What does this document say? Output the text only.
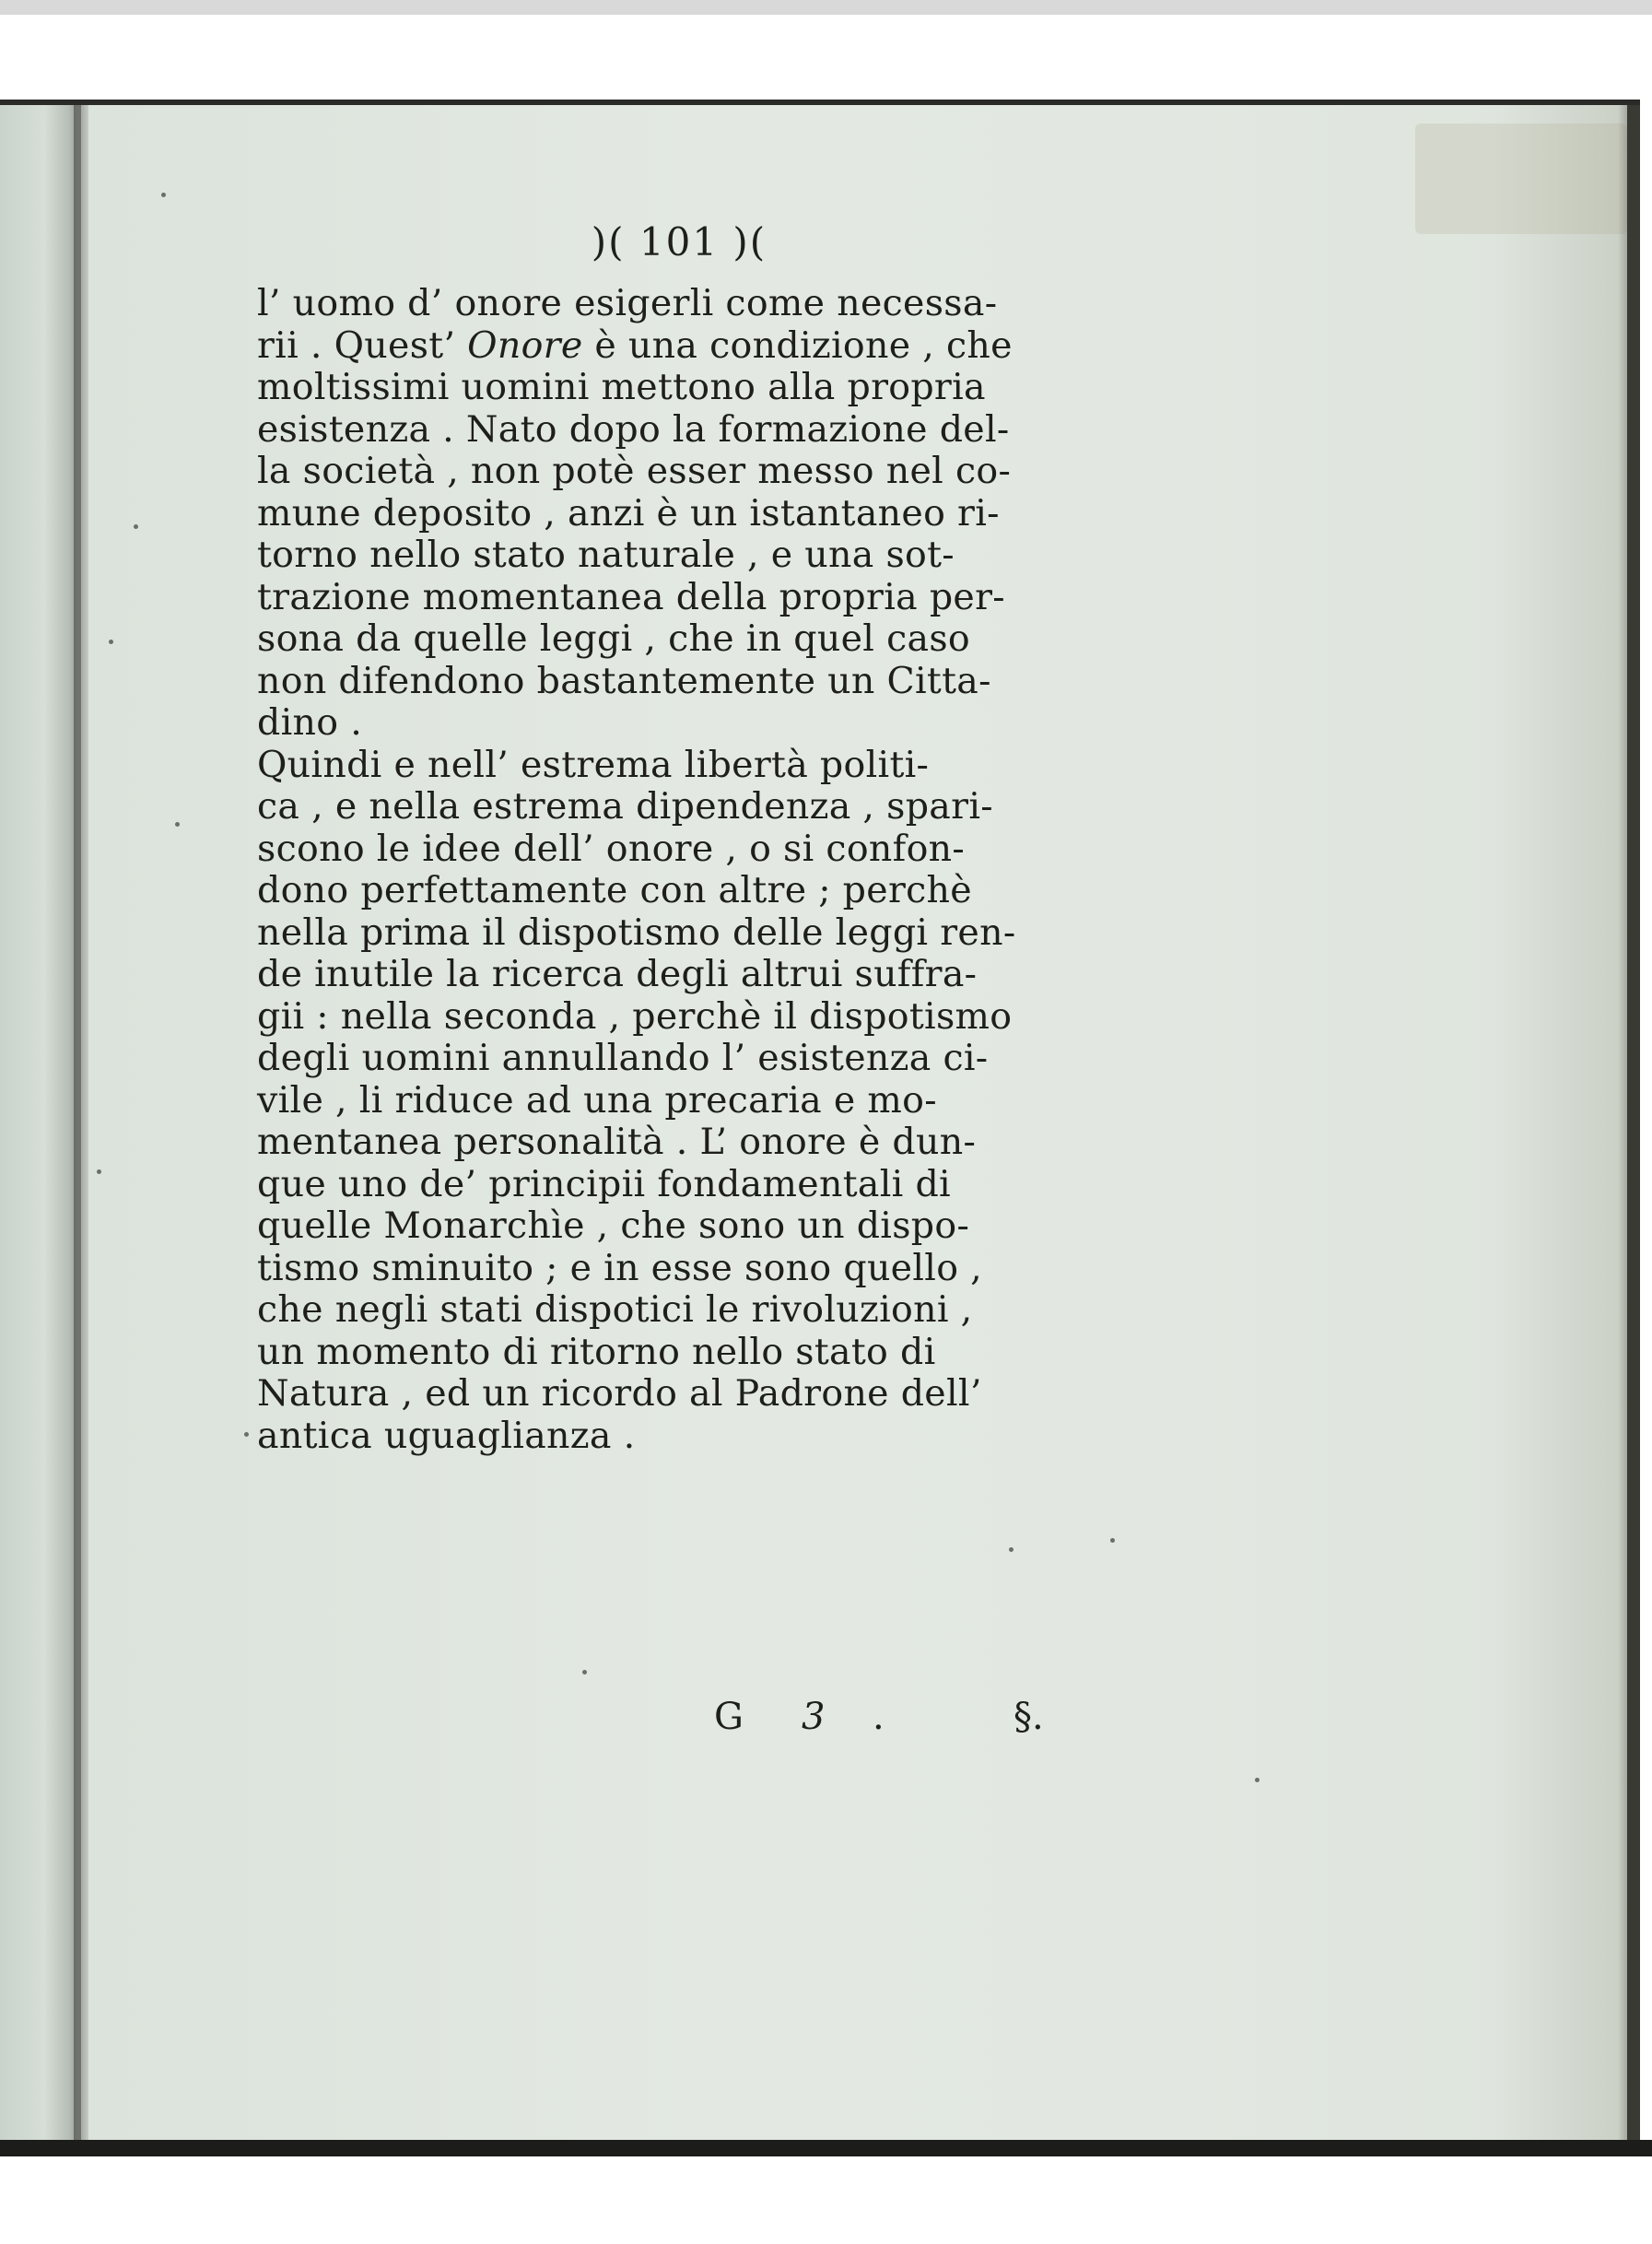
)( 101 )(
l’ uomo d’ onore esigerli come necessa-
rii . Quest’ Onore è una condizione , che
moltissimi uomini mettono alla propria
esistenza . Nato dopo la formazione del-
la società , non potè esser messo nel co-
mune deposito , anzi è un istantaneo ri-
torno nello stato naturale , e una sot-
trazione momentanea della propria per-
sona da quelle leggi , che in quel caso
non difendono bastantemente un Citta-
dino .
Quindi e nell’ estrema libertà politi-
ca , e nella estrema dipendenza , spari-
scono le idee dell’ onore , o si confon-
dono perfettamente con altre ; perchè
nella prima il dispotismo delle leggi ren-
de inutile la ricerca degli altrui suffra-
gii : nella seconda , perchè il dispotismo
degli uomini annullando l’ esistenza ci-
vile , li riduce ad una precaria e mo-
mentanea personalità . L’ onore è dun-
que uno de’ principii fondamentali di
quelle Monarchìe , che sono un dispo-
tismo sminuito ; e in esse sono quello ,
che negli stati dispotici le rivoluzioni ,
un momento di ritorno nello stato di
Natura , ed un ricordo al Padrone dell’
antica uguaglianza .
G 3 .	§.
